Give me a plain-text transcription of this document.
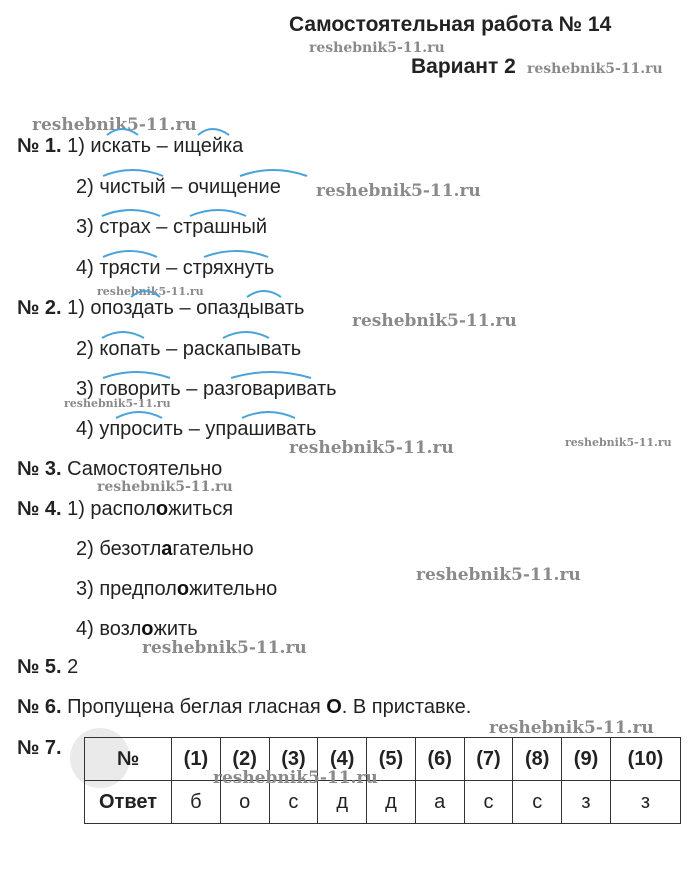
Самостоятельная работа № 14
Вариант 2
reshebnik5-11.ru
reshebnik5-11.ru
reshebnik5-11.ru
reshebnik5-11.ru
reshebnik5-11.ru
reshebnik5-11.ru
reshebnik5-11.ru
reshebnik5-11.ru
reshebnik5-11.ru
reshebnik5-11.ru
reshebnik5-11.ru
reshebnik5-11.ru
reshebnik5-11.ru
№ 1. 1) искать – ищейка
2) чистый – очищение
3) страх – страшный
4) трясти – стряхнуть
№ 2. 1) опоздать – опаздывать
2) копать – раскапывать
3) говорить – разговаривать
4) упросить – упрашивать
№ 3. Самостоятельно
№ 4. 1) расположиться
2) безотлагательно
3) предположительно
4) возложить
№ 5. 2
№ 6. Пропущена беглая гласная О. В приставке.
№ 7.	№	(1)	(2)	(3)	(4)	(5)	(6)	(7)	(8)	(9)	(10)
Ответ	б	о	с	д	д	а	с	с	з	з
reshebnik5-11.ru
